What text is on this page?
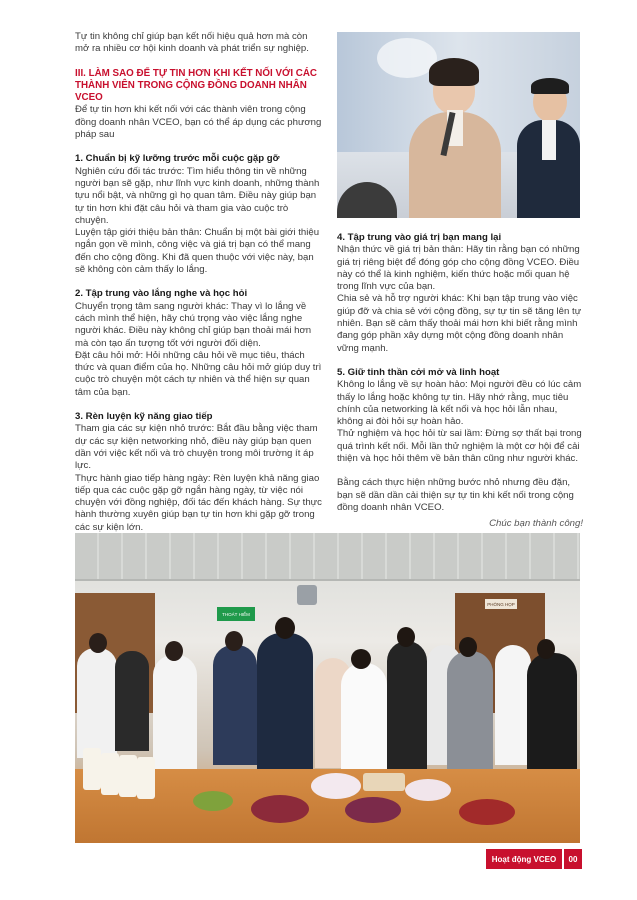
Tự tin không chỉ giúp bạn kết nối hiệu quả hơn mà còn mở ra nhiều cơ hội kinh doanh và phát triển sự nghiệp.

III. LÀM SAO ĐỂ TỰ TIN HƠN KHI KẾT NỐI VỚI CÁC THÀNH VIÊN TRONG CỘNG ĐỒNG DOANH NHÂN VCEO

Để tự tin hơn khi kết nối với các thành viên trong cộng đồng doanh nhân VCEO, bạn có thể áp dụng các phương pháp sau

1. Chuẩn bị kỹ lưỡng trước mỗi cuộc gặp gỡ

Nghiên cứu đối tác trước: Tìm hiểu thông tin về những người bạn sẽ gặp, như lĩnh vực kinh doanh, những thành tựu nổi bật, và những gì họ quan tâm. Điều này giúp bạn tự tin hơn khi đặt câu hỏi và tham gia vào cuộc trò chuyện.

Luyện tập giới thiệu bản thân: Chuẩn bị một bài giới thiệu ngắn gọn về mình, công việc và giá trị bạn có thể mang đến cho cộng đồng. Khi đã quen thuộc với việc này, bạn sẽ không còn cảm thấy lo lắng.

2. Tập trung vào lắng nghe và học hỏi

Chuyển trọng tâm sang người khác: Thay vì lo lắng về cách mình thể hiện, hãy chú trọng vào việc lắng nghe người khác. Điều này không chỉ giúp bạn thoải mái hơn mà còn tạo ấn tượng tốt với người đối diện.

Đặt câu hỏi mở: Hỏi những câu hỏi về mục tiêu, thách thức và quan điểm của họ. Những câu hỏi mở giúp duy trì cuộc trò chuyện một cách tự nhiên và thể hiện sự quan tâm của bạn.

3. Rèn luyện kỹ năng giao tiếp

Tham gia các sự kiện nhỏ trước: Bắt đầu bằng việc tham dự các sự kiện networking nhỏ, điều này giúp bạn quen dần với việc kết nối và trò chuyện trong môi trường ít áp lực.

Thực hành giao tiếp hàng ngày: Rèn luyện khả năng giao tiếp qua các cuộc gặp gỡ ngắn hàng ngày, từ việc nói chuyện với đồng nghiệp, đối tác đến khách hàng. Sự thực hành thường xuyên giúp bạn tự tin hơn khi gặp gỡ trong các sự kiện lớn.

4. Tập trung vào giá trị bạn mang lại

Nhận thức về giá trị bản thân: Hãy tin rằng bạn có những giá trị riêng biệt để đóng góp cho cộng đồng VCEO. Điều này có thể là kinh nghiệm, kiến thức hoặc mối quan hệ trong lĩnh vực của bạn.

Chia sẻ và hỗ trợ người khác: Khi bạn tập trung vào việc giúp đỡ và chia sẻ với cộng đồng, sự tự tin sẽ tăng lên tự nhiên. Bạn sẽ cảm thấy thoải mái hơn khi biết rằng mình đang góp phần xây dựng một cộng đồng doanh nhân vững mạnh.

5. Giữ tinh thần cởi mở và linh hoạt

Không lo lắng về sự hoàn hảo: Mọi người đều có lúc cảm thấy lo lắng hoặc không tự tin. Hãy nhớ rằng, mục tiêu chính của networking là kết nối và học hỏi lẫn nhau, không ai đòi hỏi sự hoàn hảo.

Thử nghiệm và học hỏi từ sai lầm: Đừng sợ thất bại trong quá trình kết nối. Mỗi lần thử nghiệm là một cơ hội để cải thiện và học hỏi thêm về bản thân cũng như người khác.

Bằng cách thực hiện những bước nhỏ nhưng đều đặn, bạn sẽ dần dần cải thiện sự tự tin khi kết nối trong cộng đồng doanh nhân VCEO.

Chúc bạn thành công!

THOÁT HIỂM
PHÒNG HỌP
Hoạt động VCEO	00
